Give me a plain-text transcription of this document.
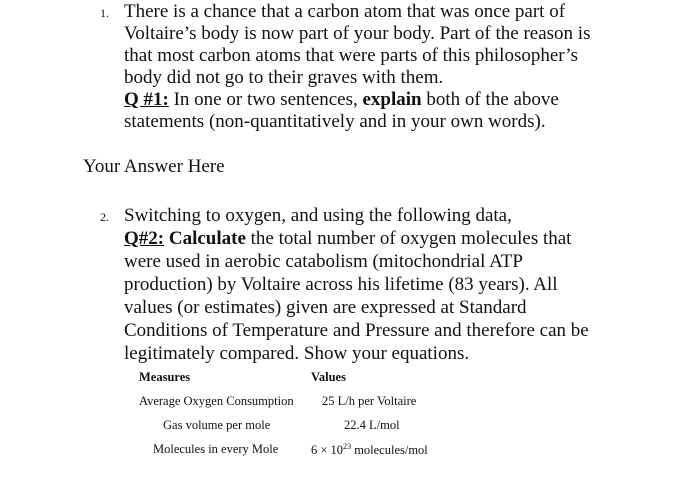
1. There is a chance that a carbon atom that was once part of
Voltaire’s body is now part of your body. Part of the reason is
that most carbon atoms that were parts of this philosopher’s
body did not go to their graves with them.
Q #1: In one or two sentences, explain both of the above
statements (non-quantitatively and in your own words).
Your Answer Here
2. Switching to oxygen, and using the following data,
Q#2: Calculate the total number of oxygen molecules that
were used in aerobic catabolism (mitochondrial ATP
production) by Voltaire across his lifetime (83 years). All
values (or estimates) given are expressed at Standard
Conditions of Temperature and Pressure and therefore can be
legitimately compared. Show your equations.
Measures	Values
Average Oxygen Consumption 25 L/h per Voltaire
Gas volume per mole	22.4 L/mol
Molecules in every Mole	$6 \times 10^{23}$ molecules/mol
